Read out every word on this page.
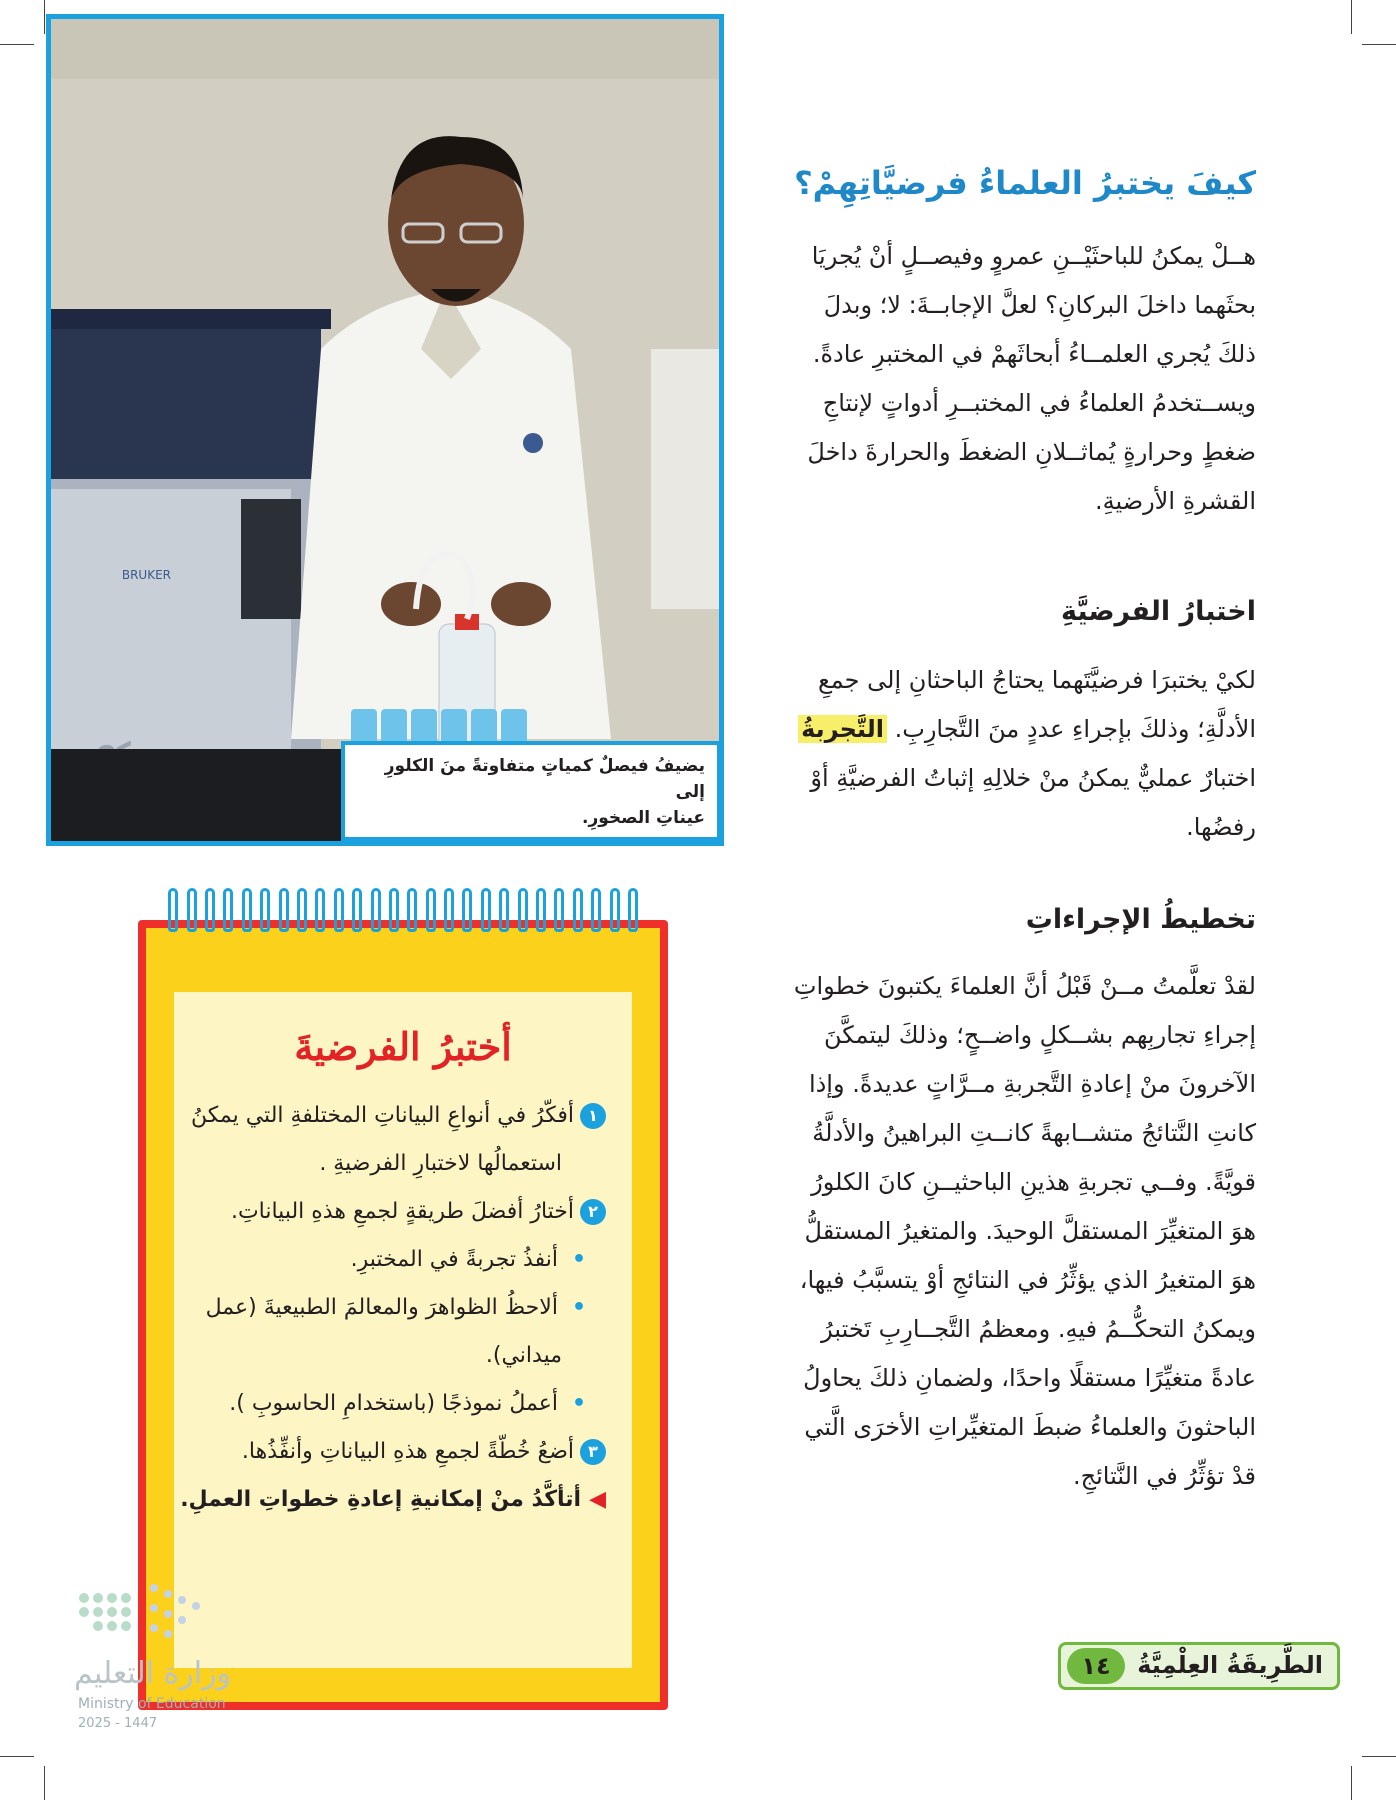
BRUKER
يضيفُ فيصلٌ كمياتٍ متفاوتةً منَ الكلورِ إلى
عيناتِ الصخورِ.
كيفَ يختبرُ العلماءُ فرضيَّاتِهِمْ؟
هــلْ يمكنُ للباحثَيْــنِ عمروٍ وفيصــلٍ أنْ يُجريَا
بحثَهما داخلَ البركانِ؟ لعلَّ الإجابــةَ: لا؛ وبدلَ
ذلكَ يُجري العلمــاءُ أبحاثَهمْ في المختبرِ عادةً.
ويســتخدمُ العلماءُ في المختبــرِ أدواتٍ لإنتاجِ
ضغطٍ وحرارةٍ يُماثــلانِ الضغطَ والحرارةَ داخلَ
القشرةِ الأرضيةِ.
اختبارُ الفرضيَّةِ
لكيْ يختبرَا فرضيَّتَهما يحتاجُ الباحثانِ إلى جمعِ
الأدلَّةِ؛ وذلكَ بإجراءِ عددٍ منَ التَّجارِبِ. التَّجربةُ
اختبارٌ عمليٌّ يمكنُ منْ خلالِهِ إثباتُ الفرضيَّةِ أوْ
رفضُها.
تخطيطُ الإجراءاتِ
لقدْ تعلَّمتُ مــنْ قَبْلُ أنَّ العلماءَ يكتبونَ خطواتِ
إجراءِ تجاربِهم بشــكلٍ واضــحٍ؛ وذلكَ ليتمكَّنَ
الآخرونَ منْ إعادةِ التَّجربةِ مــرَّاتٍ عديدةً. وإذا
كانتِ النَّتائجُ متشــابهةً كانــتِ البراهينُ والأدلَّةُ
قويَّةً. وفــي تجربةِ هذينِ الباحثيــنِ كانَ الكلورُ
هوَ المتغيِّرَ المستقلَّ الوحيدَ. والمتغيرُ المستقلُّ
هوَ المتغيرُ الذي يؤثِّرُ في النتائجِ أوْ يتسبَّبُ فيها،
ويمكنُ التحكُّــمُ فيهِ. ومعظمُ التَّجــارِبِ تَختبرُ
عادةً متغيِّرًا مستقلًا واحدًا، ولضمانِ ذلكَ يحاولُ
الباحثونَ والعلماءُ ضبطَ المتغيِّراتِ الأخرَى الَّتي
قدْ تؤثِّرُ في النَّتائجِ.
أختبرُ الفرضيةَ
١أفكّرُ في أنواعِ البياناتِ المختلفةِ التي يمكنُ
استعمالُها لاختبارِ الفرضيةِ .
٢أختارُ أفضلَ طريقةٍ لجمعِ هذهِ البياناتِ.
•أنفذُ تجربةً في المختبرِ.
•ألاحظُ الظواهرَ والمعالمَ الطبيعيةَ (عمل
ميداني).
•أعملُ نموذجًا (باستخدامِ الحاسوبِ ).
٣أضعُ خُطّةً لجمعِ هذهِ البياناتِ وأنفِّذُها.
◀أتأكَّدُ منْ إمكانيةِ إعادةِ خطواتِ العملِ.
وزارة التعليم
Ministry of Education
2025 - 1447
الطَّرِيقَةُ العِلْمِيَّةُ
١٤
